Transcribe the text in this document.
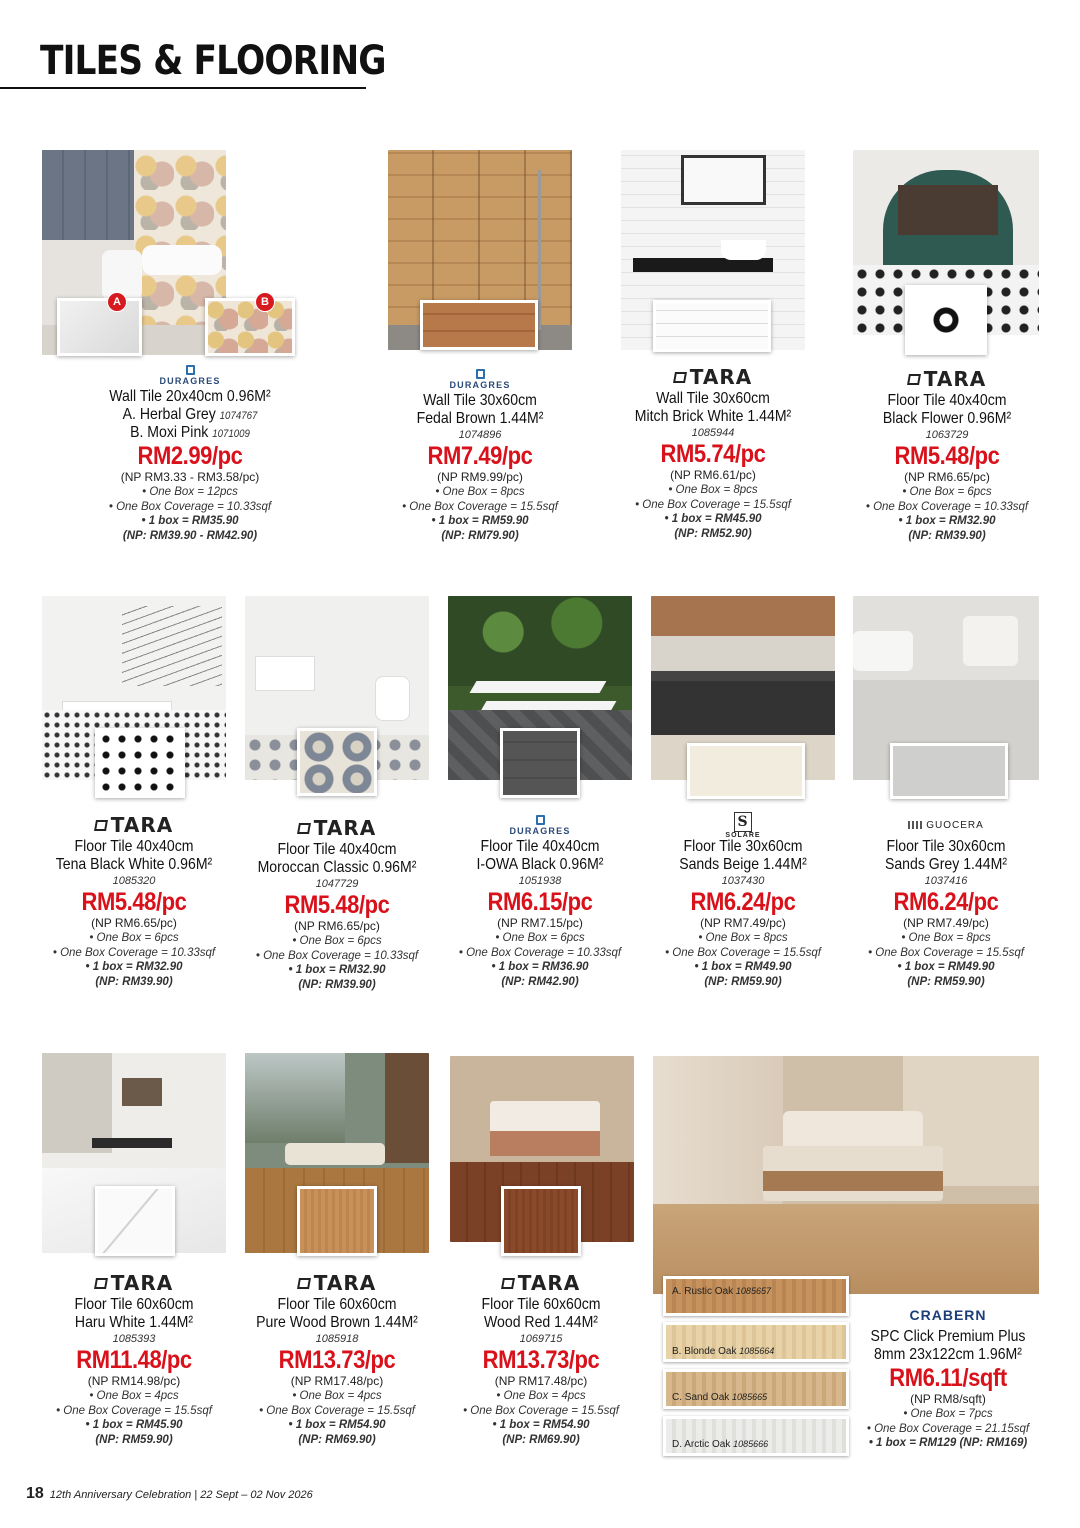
TILES & FLOORING
A	B
DURAGRES
Wall Tile 20x40cm 0.96M²
A. Herbal Grey 1074767
B. Moxi Pink 1071009
RM2.99/pc
(NP RM3.33 - RM3.58/pc)
• One Box = 12pcs
• One Box Coverage = 10.33sqf
• 1 box = RM35.90
(NP: RM39.90 - RM42.90)
DURAGRES
Wall Tile 30x60cm
Fedal Brown 1.44M²
1074896
RM7.49/pc
(NP RM9.99/pc)
• One Box = 8pcs
• One Box Coverage = 15.5sqf
• 1 box = RM59.90
(NP: RM79.90)
TARA
Wall Tile 30x60cm
Mitch Brick White 1.44M²
1085944
RM5.74/pc
(NP RM6.61/pc)
• One Box = 8pcs
• One Box Coverage = 15.5sqf
• 1 box = RM45.90
(NP: RM52.90)
TARA
Floor Tile 40x40cm
Black Flower 0.96M²
1063729
RM5.48/pc
(NP RM6.65/pc)
• One Box = 6pcs
• One Box Coverage = 10.33sqf
• 1 box = RM32.90
(NP: RM39.90)
TARA
Floor Tile 40x40cm
Tena Black White 0.96M²
1085320
RM5.48/pc
(NP RM6.65/pc)
• One Box = 6pcs
• One Box Coverage = 10.33sqf
• 1 box = RM32.90
(NP: RM39.90)
TARA
Floor Tile 40x40cm
Moroccan Classic 0.96M²
1047729
RM5.48/pc
(NP RM6.65/pc)
• One Box = 6pcs
• One Box Coverage = 10.33sqf
• 1 box = RM32.90
(NP: RM39.90)
DURAGRES
Floor Tile 40x40cm
I-OWA Black 0.96M²
1051938
RM6.15/pc
(NP RM7.15/pc)
• One Box = 6pcs
• One Box Coverage = 10.33sqf
• 1 box = RM36.90
(NP: RM42.90)
S
SOLARE
Floor Tile 30x60cm
Sands Beige 1.44M²
1037430
RM6.24/pc
(NP RM7.49/pc)
• One Box = 8pcs
• One Box Coverage = 15.5sqf
• 1 box = RM49.90
(NP: RM59.90)
GUOCERA
Floor Tile 30x60cm
Sands Grey 1.44M²
1037416
RM6.24/pc
(NP RM7.49/pc)
• One Box = 8pcs
• One Box Coverage = 15.5sqf
• 1 box = RM49.90
(NP: RM59.90)
TARA
Floor Tile 60x60cm
Haru White 1.44M²
1085393
RM11.48/pc
(NP RM14.98/pc)
• One Box = 4pcs
• One Box Coverage = 15.5sqf
• 1 box = RM45.90
(NP: RM59.90)
TARA
Floor Tile 60x60cm
Pure Wood Brown 1.44M²
1085918
RM13.73/pc
(NP RM17.48/pc)
• One Box = 4pcs
• One Box Coverage = 15.5sqf
• 1 box = RM54.90
(NP: RM69.90)
TARA
Floor Tile 60x60cm
Wood Red 1.44M²
1069715
RM13.73/pc
(NP RM17.48/pc)
• One Box = 4pcs
• One Box Coverage = 15.5sqf
• 1 box = RM54.90
(NP: RM69.90)
A. Rustic Oak 1085657
B. Blonde Oak 1085664
C. Sand Oak 1085665
D. Arctic Oak 1085666
CRABERN
SPC Click Premium Plus
8mm 23x122cm 1.96M²
RM6.11/sqft
(NP RM8/sqft)
• One Box = 7pcs
• One Box Coverage = 21.15sqf
• 1 box = RM129 (NP: RM169)
18 12th Anniversary Celebration | 22 Sept – 02 Nov 2026
